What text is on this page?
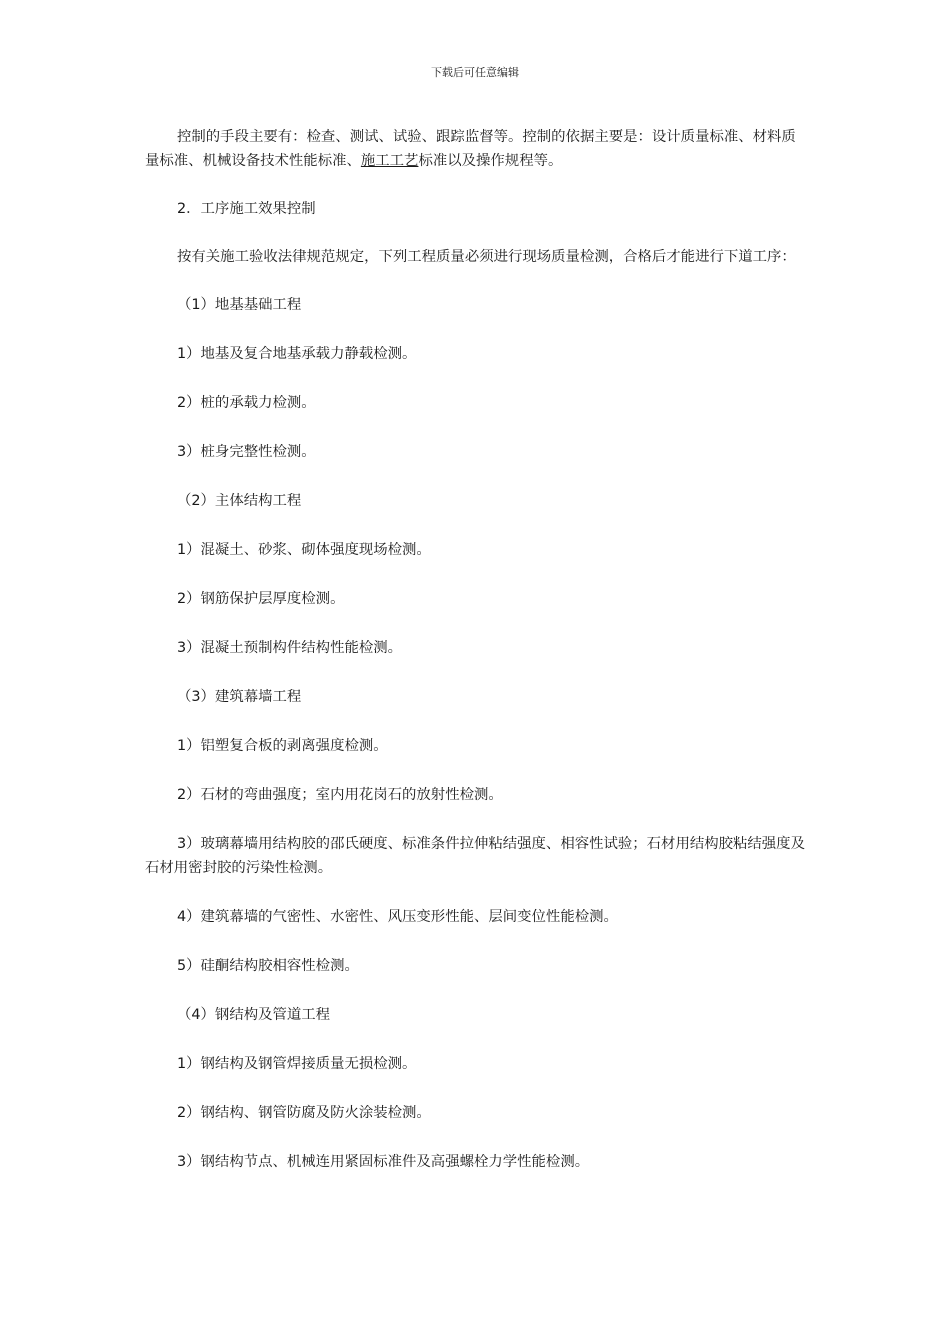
下载后可任意编辑

控制的手段主要有：检查、测试、试验、跟踪监督等。控制的依据主要是：设计质量标准、材料质量标准、机械设备技术性能标准、施工工艺标准以及操作规程等。

2．工序施工效果控制

按有关施工验收法律规范规定，下列工程质量必须进行现场质量检测，合格后才能进行下道工序：

（1）地基基础工程

1）地基及复合地基承载力静载检测。

2）桩的承载力检测。

3）桩身完整性检测。

（2）主体结构工程

1）混凝土、砂浆、砌体强度现场检测。

2）钢筋保护层厚度检测。

3）混凝土预制构件结构性能检测。

（3）建筑幕墙工程

1）铝塑复合板的剥离强度检测。

2）石材的弯曲强度；室内用花岗石的放射性检测。

3）玻璃幕墙用结构胶的邵氏硬度、标准条件拉伸粘结强度、相容性试验；石材用结构胶粘结强度及石材用密封胶的污染性检测。

4）建筑幕墙的气密性、水密性、风压变形性能、层间变位性能检测。

5）硅酮结构胶相容性检测。

（4）钢结构及管道工程

1）钢结构及钢管焊接质量无损检测。

2）钢结构、钢管防腐及防火涂装检测。

3）钢结构节点、机械连用紧固标准件及高强螺栓力学性能检测。
